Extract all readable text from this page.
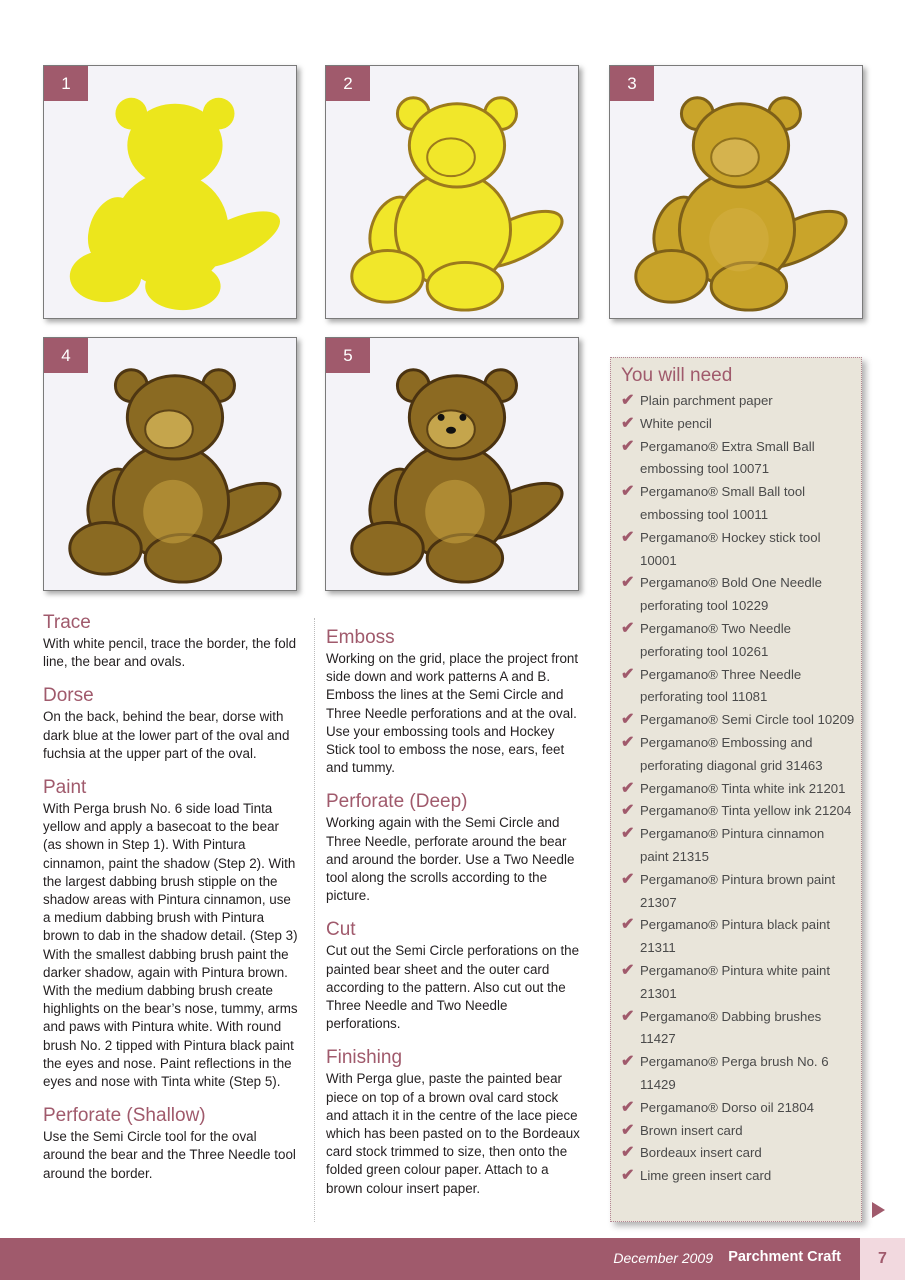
1	2	3
4	5
Trace

With white pencil, trace the border, the fold line, the bear and ovals.

Dorse

On the back, behind the bear, dorse with dark blue at the lower part of the oval and fuchsia at the upper part of the oval.

Paint

With Perga brush No. 6 side load Tinta yellow and apply a basecoat to the bear (as shown in Step 1). With Pintura cinnamon, paint the shadow (Step 2). With the largest dabbing brush stipple on the shadow areas with Pintura cinnamon, use a medium dabbing brush with Pintura brown to dab in the shadow detail. (Step 3) With the smallest dabbing brush paint the darker shadow, again with Pintura brown. With the medium dabbing brush create highlights on the bear’s nose, tummy, arms and paws with Pintura white. With round brush No. 2 tipped with Pintura black paint the eyes and nose. Paint reflections in the eyes and nose with Tinta white (Step 5).

Perforate (Shallow)

Use the Semi Circle tool for the oval around the bear and the Three Needle tool around the border.

Emboss

Working on the grid, place the project front side down and work patterns A and B. Emboss the lines at the Semi Circle and Three Needle perforations and at the oval. Use your embossing tools and Hockey Stick tool to emboss the nose, ears, feet and tummy.

Perforate (Deep)

Working again with the Semi Circle and Three Needle, perforate around the bear and around the border. Use a Two Needle tool along the scrolls according to the picture.

Cut

Cut out the Semi Circle perforations on the painted bear sheet and the outer card according to the pattern. Also cut out the Three Needle and Two Needle perforations.

Finishing

With Perga glue, paste the painted bear piece on top of a brown oval card stock and attach it in the centre of the lace piece which has been pasted on to the Bordeaux card stock trimmed to size, then onto the folded green colour paper. Attach to a brown colour insert paper.

You will need
✔ Plain parchment paper
✔ White pencil
✔ Pergamano® Extra Small Ball embossing tool 10071
✔ Pergamano® Small Ball tool embossing tool 10011
✔ Pergamano® Hockey stick tool 10001
✔ Pergamano® Bold One Needle perforating tool 10229
✔ Pergamano® Two Needle perforating tool 10261
✔ Pergamano® Three Needle perforating tool 11081
✔ Pergamano® Semi Circle tool 10209
✔ Pergamano® Embossing and perforating diagonal grid 31463
✔ Pergamano® Tinta white ink 21201
✔ Pergamano® Tinta yellow ink 21204
✔ Pergamano® Pintura cinnamon paint 21315
✔ Pergamano® Pintura brown paint 21307
✔ Pergamano® Pintura black paint 21311
✔ Pergamano® Pintura white paint 21301
✔ Pergamano® Dabbing brushes 11427
✔ Pergamano® Perga brush No. 6 11429
✔ Pergamano® Dorso oil 21804
✔ Brown insert card
✔ Bordeaux insert card
✔ Lime green insert card
December 2009 Parchment Craft	7
